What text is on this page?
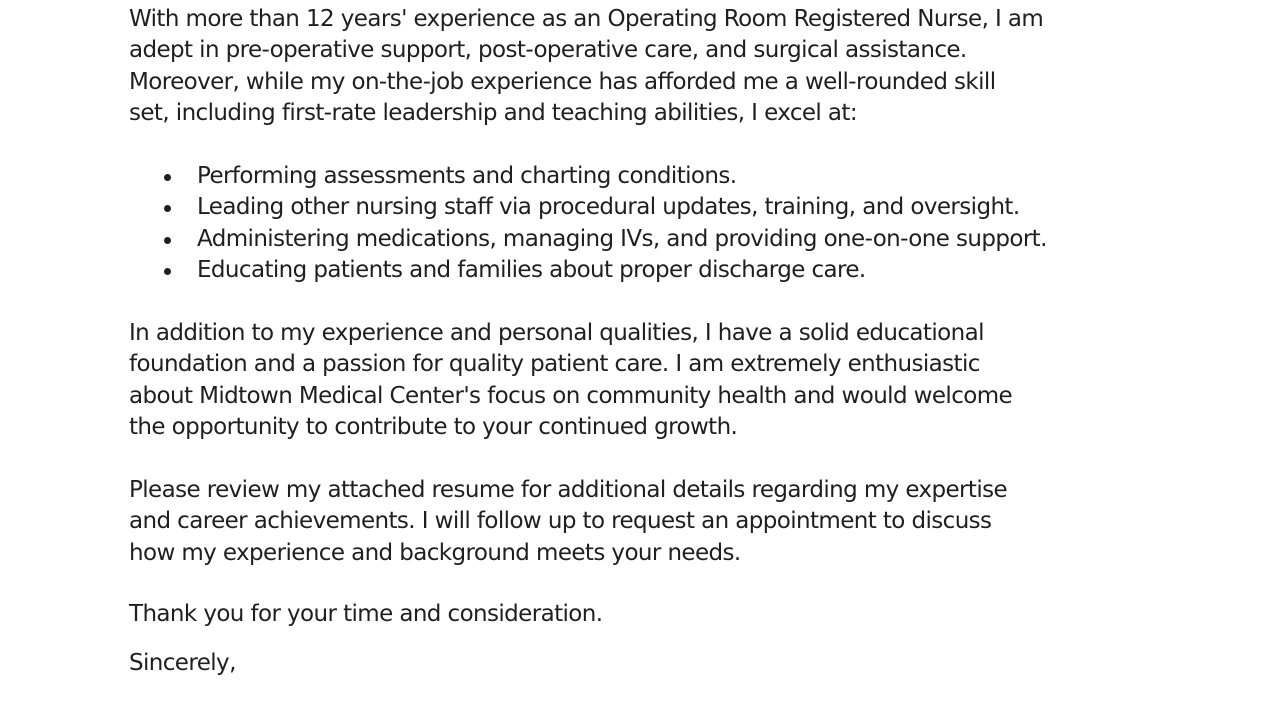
With more than 12 years' experience as an Operating Room Registered Nurse, I am
adept in pre-operative support, post-operative care, and surgical assistance.
Moreover, while my on-the-job experience has afforded me a well-rounded skill
set, including first-rate leadership and teaching abilities, I excel at:

Performing assessments and charting conditions.
Leading other nursing staff via procedural updates, training, and oversight.
Administering medications, managing IVs, and providing one-on-one support.
Educating patients and families about proper discharge care.

In addition to my experience and personal qualities, I have a solid educational
foundation and a passion for quality patient care. I am extremely enthusiastic
about Midtown Medical Center's focus on community health and would welcome
the opportunity to contribute to your continued growth.

Please review my attached resume for additional details regarding my expertise
and career achievements. I will follow up to request an appointment to discuss
how my experience and background meets your needs.

Thank you for your time and consideration.

Sincerely,
